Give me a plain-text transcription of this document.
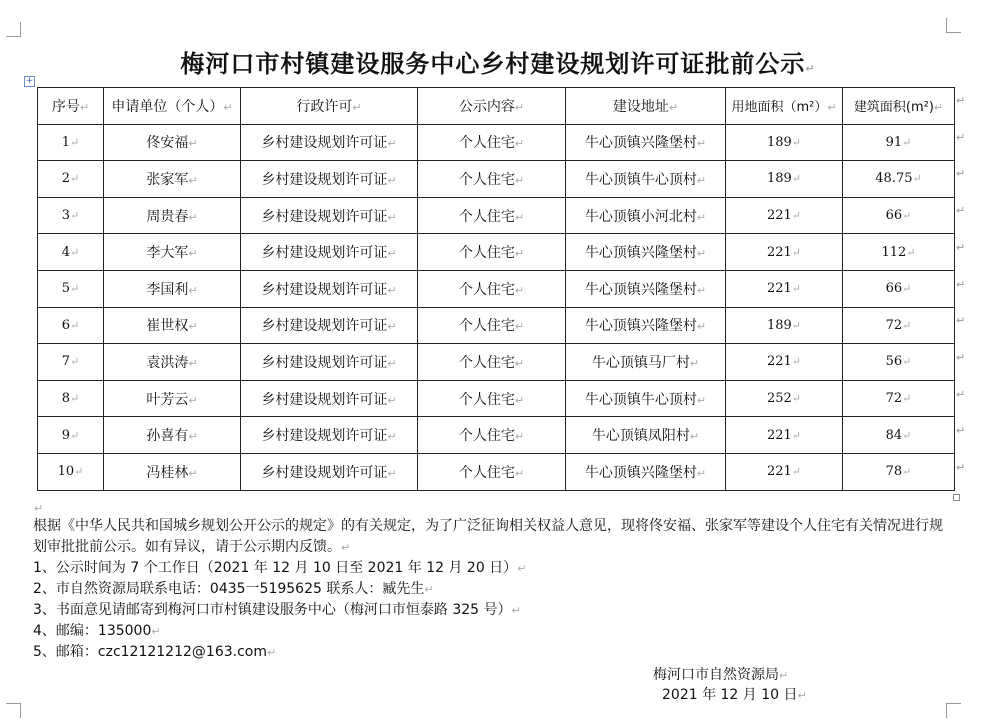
梅河口市村镇建设服务中心乡村建设规划许可证批前公示↵
+
序号↵	申请单位（个人）↵	行政许可↵	公示内容↵	建设地址↵	用地面积（m²）↵	建筑面积(m²)↵
1↵	佟安福↵	乡村建设规划许可证↵	个人住宅↵	牛心顶镇兴隆堡村↵	189↵	91↵
2↵	张家军↵	乡村建设规划许可证↵	个人住宅↵	牛心顶镇牛心顶村↵	189↵	48.75↵
3↵	周贵春↵	乡村建设规划许可证↵	个人住宅↵	牛心顶镇小河北村↵	221↵	66↵
4↵	李大军↵	乡村建设规划许可证↵	个人住宅↵	牛心顶镇兴隆堡村↵	221↵	112↵
5↵	李国利↵	乡村建设规划许可证↵	个人住宅↵	牛心顶镇兴隆堡村↵	221↵	66↵
6↵	崔世权↵	乡村建设规划许可证↵	个人住宅↵	牛心顶镇兴隆堡村↵	189↵	72↵
7↵	袁洪涛↵	乡村建设规划许可证↵	个人住宅↵	牛心顶镇马厂村↵	221↵	56↵
8↵	叶芳云↵	乡村建设规划许可证↵	个人住宅↵	牛心顶镇牛心顶村↵	252↵	72↵
9↵	孙喜有↵	乡村建设规划许可证↵	个人住宅↵	牛心顶镇凤阳村↵	221↵	84↵
10↵	冯桂林↵	乡村建设规划许可证↵	个人住宅↵	牛心顶镇兴隆堡村↵	221↵	78↵
↵
↵
↵
↵
↵
↵
↵
↵
↵
↵
↵
↵

根据《中华人民共和国城乡规划公开公示的规定》的有关规定，为了广泛征询相关权益人意见，现将佟安福、张家军等建设个人住宅有关情况进行规划审批批前公示。如有异议，请于公示期内反馈。↵

1、公示时间为 7 个工作日（2021 年 12 月 10 日至 2021 年 12 月 20 日）↵

2、市自然资源局联系电话：0435一5195625 联系人：臧先生↵

3、书面意见请邮寄到梅河口市村镇建设服务中心（梅河口市恒泰路 325 号）↵

4、邮编：135000↵

5、邮箱：czc12121212@163.com↵

梅河口市自然资源局↵
2021 年 12 月 10 日↵
